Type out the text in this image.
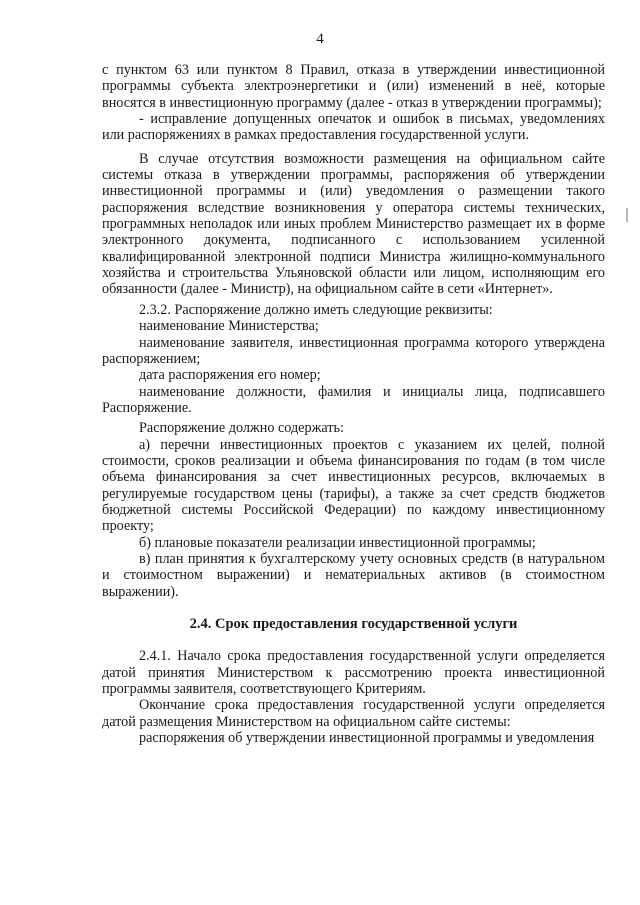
4

с пунктом 63 или пунктом 8 Правил, отказа в утверждении инвестиционной программы субъекта электроэнергетики и (или) изменений в неё, которые вносятся в инвестиционную программу (далее - отказ в утверждении программы);

- исправление допущенных опечаток и ошибок в письмах, уведомлениях или распоряжениях в рамках предоставления государственной услуги.

В случае отсутствия возможности размещения на официальном сайте системы отказа в утверждении программы, распоряжения об утверждении инвестиционной программы и (или) уведомления о размещении такого распоряжения вследствие возникновения у оператора системы технических, программных неполадок или иных проблем Министерство размещает их в форме электронного документа, подписанного с использованием усиленной квалифицированной электронной подписи Министра жилищно-коммунального хозяйства и строительства Ульяновской области или лицом, исполняющим его обязанности (далее - Министр), на официальном сайте в сети «Интернет».

2.3.2. Распоряжение должно иметь следующие реквизиты:

наименование Министерства;

наименование заявителя, инвестиционная программа которого утверждена распоряжением;

дата распоряжения его номер;

наименование должности, фамилия и инициалы лица, подписавшего Распоряжение.

Распоряжение должно содержать:

а) перечни инвестиционных проектов с указанием их целей, полной стоимости, сроков реализации и объема финансирования по годам (в том числе объема финансирования за счет инвестиционных ресурсов, включаемых в регулируемые государством цены (тарифы), а также за счет средств бюджетов бюджетной системы Российской Федерации) по каждому инвестиционному проекту;

б) плановые показатели реализации инвестиционной программы;

в) план принятия к бухгалтерскому учету основных средств (в натуральном и стоимостном выражении) и нематериальных активов (в стоимостном выражении).

2.4. Срок предоставления государственной услуги

2.4.1. Начало срока предоставления государственной услуги определяется датой принятия Министерством к рассмотрению проекта инвестиционной программы заявителя, соответствующего Критериям.

Окончание срока предоставления государственной услуги определяется датой размещения Министерством на официальном сайте системы:

распоряжения об утверждении инвестиционной программы и уведомления
